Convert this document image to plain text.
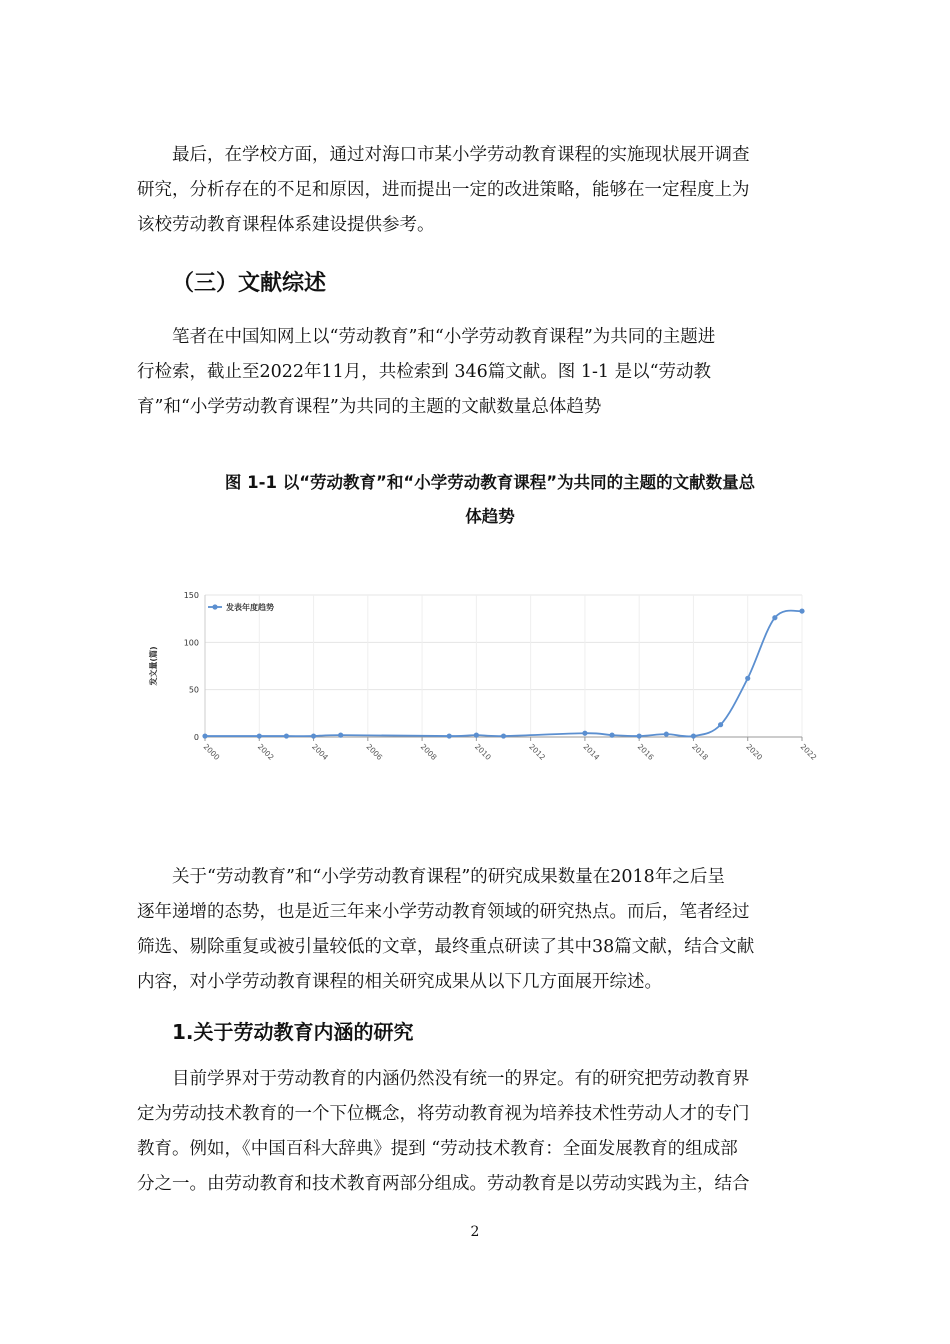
最后，在学校方面，通过对海口市某小学劳动教育课程的实施现状展开调查
研究，分析存在的不足和原因，进而提出一定的改进策略，能够在一定程度上为
该校劳动教育课程体系建设提供参考。
（三）文献综述
笔者在中国知网上以“劳动教育”和“小学劳动教育课程”为共同的主题进
行检索，截止至2022年11月，共检索到 346篇文献。图 1-1 是以“劳动教
育”和“小学劳动教育课程”为共同的主题的文献数量总体趋势
图 1-1 以“劳动教育”和“小学劳动教育课程”为共同的主题的文献数量总
体趋势
0
50
100
150
2000	2002	2004	2006	2008	2010	2012	2014	2016	2018	2020	2022
发文量(篇)
发表年度趋势
关于“劳动教育”和“小学劳动教育课程”的研究成果数量在2018年之后呈
逐年递增的态势，也是近三年来小学劳动教育领域的研究热点。而后，笔者经过
筛选、剔除重复或被引量较低的文章，最终重点研读了其中38篇文献，结合文献
内容，对小学劳动教育课程的相关研究成果从以下几方面展开综述。
1.关于劳动教育内涵的研究
目前学界对于劳动教育的内涵仍然没有统一的界定。有的研究把劳动教育界
定为劳动技术教育的一个下位概念，将劳动教育视为培养技术性劳动人才的专门
教育。例如，《中国百科大辞典》提到 “劳动技术教育：全面发展教育的组成部
分之一。由劳动教育和技术教育两部分组成。劳动教育是以劳动实践为主，结合
2
